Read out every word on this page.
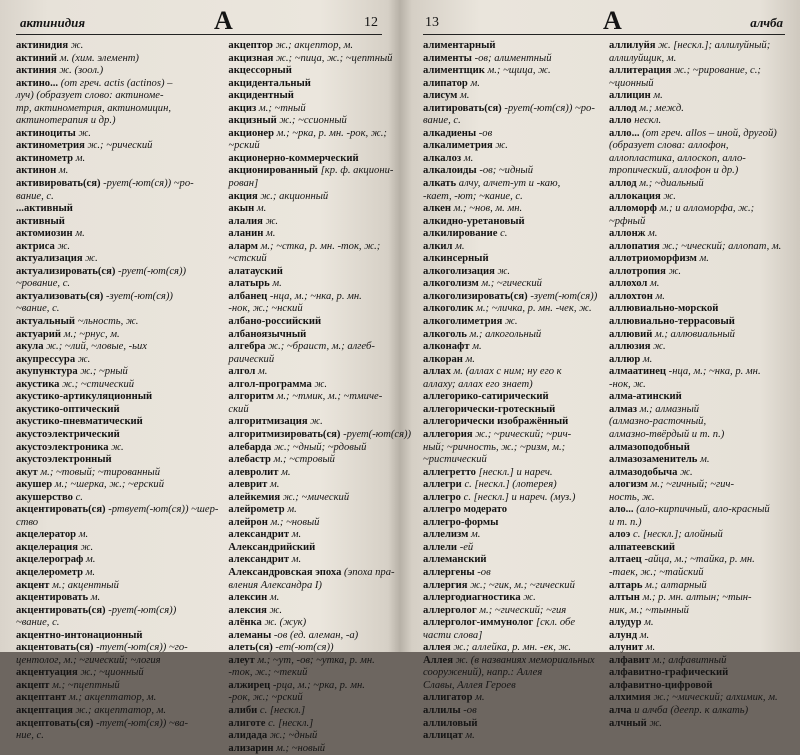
актинидия	А	12
актинидия ж.
актиний м. (хим. элемент)
актиния ж. (зоол.)
актино... (от греч. actis (actinos) –
луч) (образует слово: актиноме-
тр, актинометрия, актиномицин,
актинотерапия и др.)
актиноциты ж.
актинометрия ж.; ~рический
актинометр м.
актинон м.
активировать(ся) -рует(-ют(ся)) ~ро-
вание, с.
...активный
активный
актомиозин м.
актриса ж.
актуализация ж.
актуализировать(ся) -рует(-ют(ся))
~рование, с.
актуализовать(ся) -зует(-ют(ся))
~вание, с.
актуальный ~льность, ж.
актуарий м.; ~рнус, м.
акула ж.; ~лий, ~ловые, -ьих
акупрессура ж.
акупунктура ж.; ~рный
акустика ж.; ~стический
акустико-артикуляционный
акустико-оптический
акустико-пневматический
акустоэлектрический
акустоэлектроника ж.
акустоэлектронный
акут м.; ~товый; ~тированный
акушер м.; ~шерка, ж.; ~ерский
акушерство с.
акцентировать(ся) -ртвует(-ют(ся)) ~шер-
ство
акцелератор м.
акцелерация ж.
акцелерограф м.
акцелерометр м.
акцент м.; акцентный
акцентировать м.
акцентировать(ся) -рует(-ют(ся))
~вание, с.
акцентно-интонационный
акцентовать(ся) -тует(-ют(ся)) ~го-
центолог, м.; ~гический; ~логия
акцентуация ж.; ~ционный
акцепт м.; ~пцептный
акцептант м.; акцептатор, м.
акцептация ж.; акцептатор, м.
акцептовать(ся) -тует(-ют(ся)) ~ва-
ние, с.
акцептор ж.; акцептор, м.
акцизная ж.; ~пица, ж.; ~цептный
акцессорный
акцидентальный
акцидентный
акциз м.; ~тный
акцизный ж.; ~ссионный
акционер м.; ~рка, р. мн. -рок, ж.;
~рский
акционерно-коммерческий
акционированный [кр. ф. акциони-
рован]
акция ж.; акционный
акын м.
алалия ж.
аланин м.
аларм м.; ~стка, р. мн. -ток, ж.;
~стский
алатауский
алатырь м.
албанец -нца, м.; ~нка, р. мн.
-нок, ж.; ~нский
албано-российский
албаноязычный
алгебра ж.; ~браист, м.; алгеб-
раический
алгол м.
алгол-программа ж.
алгоритм м.; ~тмик, м.; ~тмиче-
ский
алгоритмизация ж.
алгоритмизировать(ся) -рует(-ют(ся))
алебарда ж.; ~дный; ~рдовый
алебастр м.; ~стровый
алевролит м.
алеврит м.
алейкемия ж.; ~мический
алейрометр м.
алейрон м.; ~новый
александрит м.
Александрийский
александрит м.
Александровская эпоха (эпоха пра-
вления Александра I)
алексин м.
алексия ж.
алёнка ж. (жук)
алеманы -ов (ед. алеман, -а)
алеть(ся) -ет(-ют(ся))
алеут м.; ~ут, -ов; ~утка, р. мн.
-ток, ж.; ~текий
алжирец -рца, м.; ~рка, р. мн.
-рок, ж.; ~рский
алиби с. [нескл.]
алиготе с. [нескл.]
алидада ж.; ~дный
ализарин м.; ~новый
13	А	алчба
алиментарный
алименты -ов; алиментный
алиментщик м.; ~щица, ж.
алипатор м.
алисум м.
алитировать(ся) -рует(-ют(ся)) ~ро-
вание, с.
алкадиены -ов
алкалиметрия ж.
алкалоз м.
алкалоиды -ов; ~идный
алкать алчу, алчет-ут и -каю,
-кает, -ют; ~кание, с.
алкен м.; ~нов, м. мн.
алкидно-уретановый
алкилирование с.
алкил м.
алкинсерный
алкоголизация ж.
алкоголизм м.; ~гический
алкоголизировать(ся) -зует(-ют(ся))
алкоголик м.; ~личка, р. мн. -чек, ж.
алкоголиметрия ж.
алкоголь м.; алкогольный
алконафт м.
алкоран м.
аллах м. (аллах с ним; ну его к
аллаху; аллах его знает)
аллегорико-сатирический
аллегорически-гротескный
аллегорически изображённый
аллегория ж.; ~рический; ~рич-
ный; ~ричность, ж.; ~ризм, м.;
~ристический
аллегретто [нескл.] и нареч.
аллегри с. [нескл.] (лотерея)
аллегро с. [нескл.] и нареч. (муз.)
аллегро модерато
аллегро-формы
аллелизм м.
аллели -ей
аллеманский
аллергены -ов
аллергия ж.; ~гик, м.; ~гический
аллергодиагностика ж.
аллерголог м.; ~гический; ~гия
аллерголог-иммунолог [скл. обе
части слова]
аллея ж.; аллейка, р. мн. -ек, ж.
Аллея ж. (в названиях мемориальных
сооружений), напр.: Аллея
Славы, Аллея Героев
аллигатор м.
аллилы -ов
аллиловый
аллицат м.
аллилуйя ж. [нескл.]; аллилуйный;
аллилуйщик, м.
аллитерация ж.; ~рирование, с.;
~ционный
аллицин м.
аллод м.; межд.
алло нескл.
алло... (от греч. allos – иной, другой)
(образует слова: аллофон,
аллопластика, аллоскоп, алло-
тропический, аллофон и др.)
аллод м.; ~диальный
аллокация ж.
алломорф м.; и алломорфа, ж.;
~рфный
аллонж м.
аллопатия ж.; ~ический; аллопат, м.
аллотриоморфизм м.
аллотропия ж.
аллохол м.
аллохтон м.
аллювиально-морской
аллювиально-террасовый
аллювий м.; аллювиальный
аллюзия ж.
аллюр м.
алмаатинец -нца, м.; ~нка, р. мн.
-нок, ж.
алма-атинский
алмаз м.; алмазный
(алмазно-расточный,
алмазно-твёрдый и т. п.)
алмазоподобный
алмазозаменитель м.
алмазодобыча ж.
алогизм м.; ~гичный; ~гич-
ность, ж.
ало... (ало-кирпичный, ало-красный
и т. п.)
алоэ с. [нескл.]; алойный
алпатеевский
алтаец -айца, м.; ~тайка, р. мн.
-таек, ж.; ~тайский
алтарь м.; алтарный
алтын м.; р. мн. алтын; ~тын-
ник, м.; ~тынный
алудур м.
алунд м.
алунит м.
алфавит м.; алфавитный
алфавитно-графический
алфавитно-цифровой
алхимия ж.; ~мический; алхимик, м.
алча и алчба (деепр. к алкать)
алчный ж.
